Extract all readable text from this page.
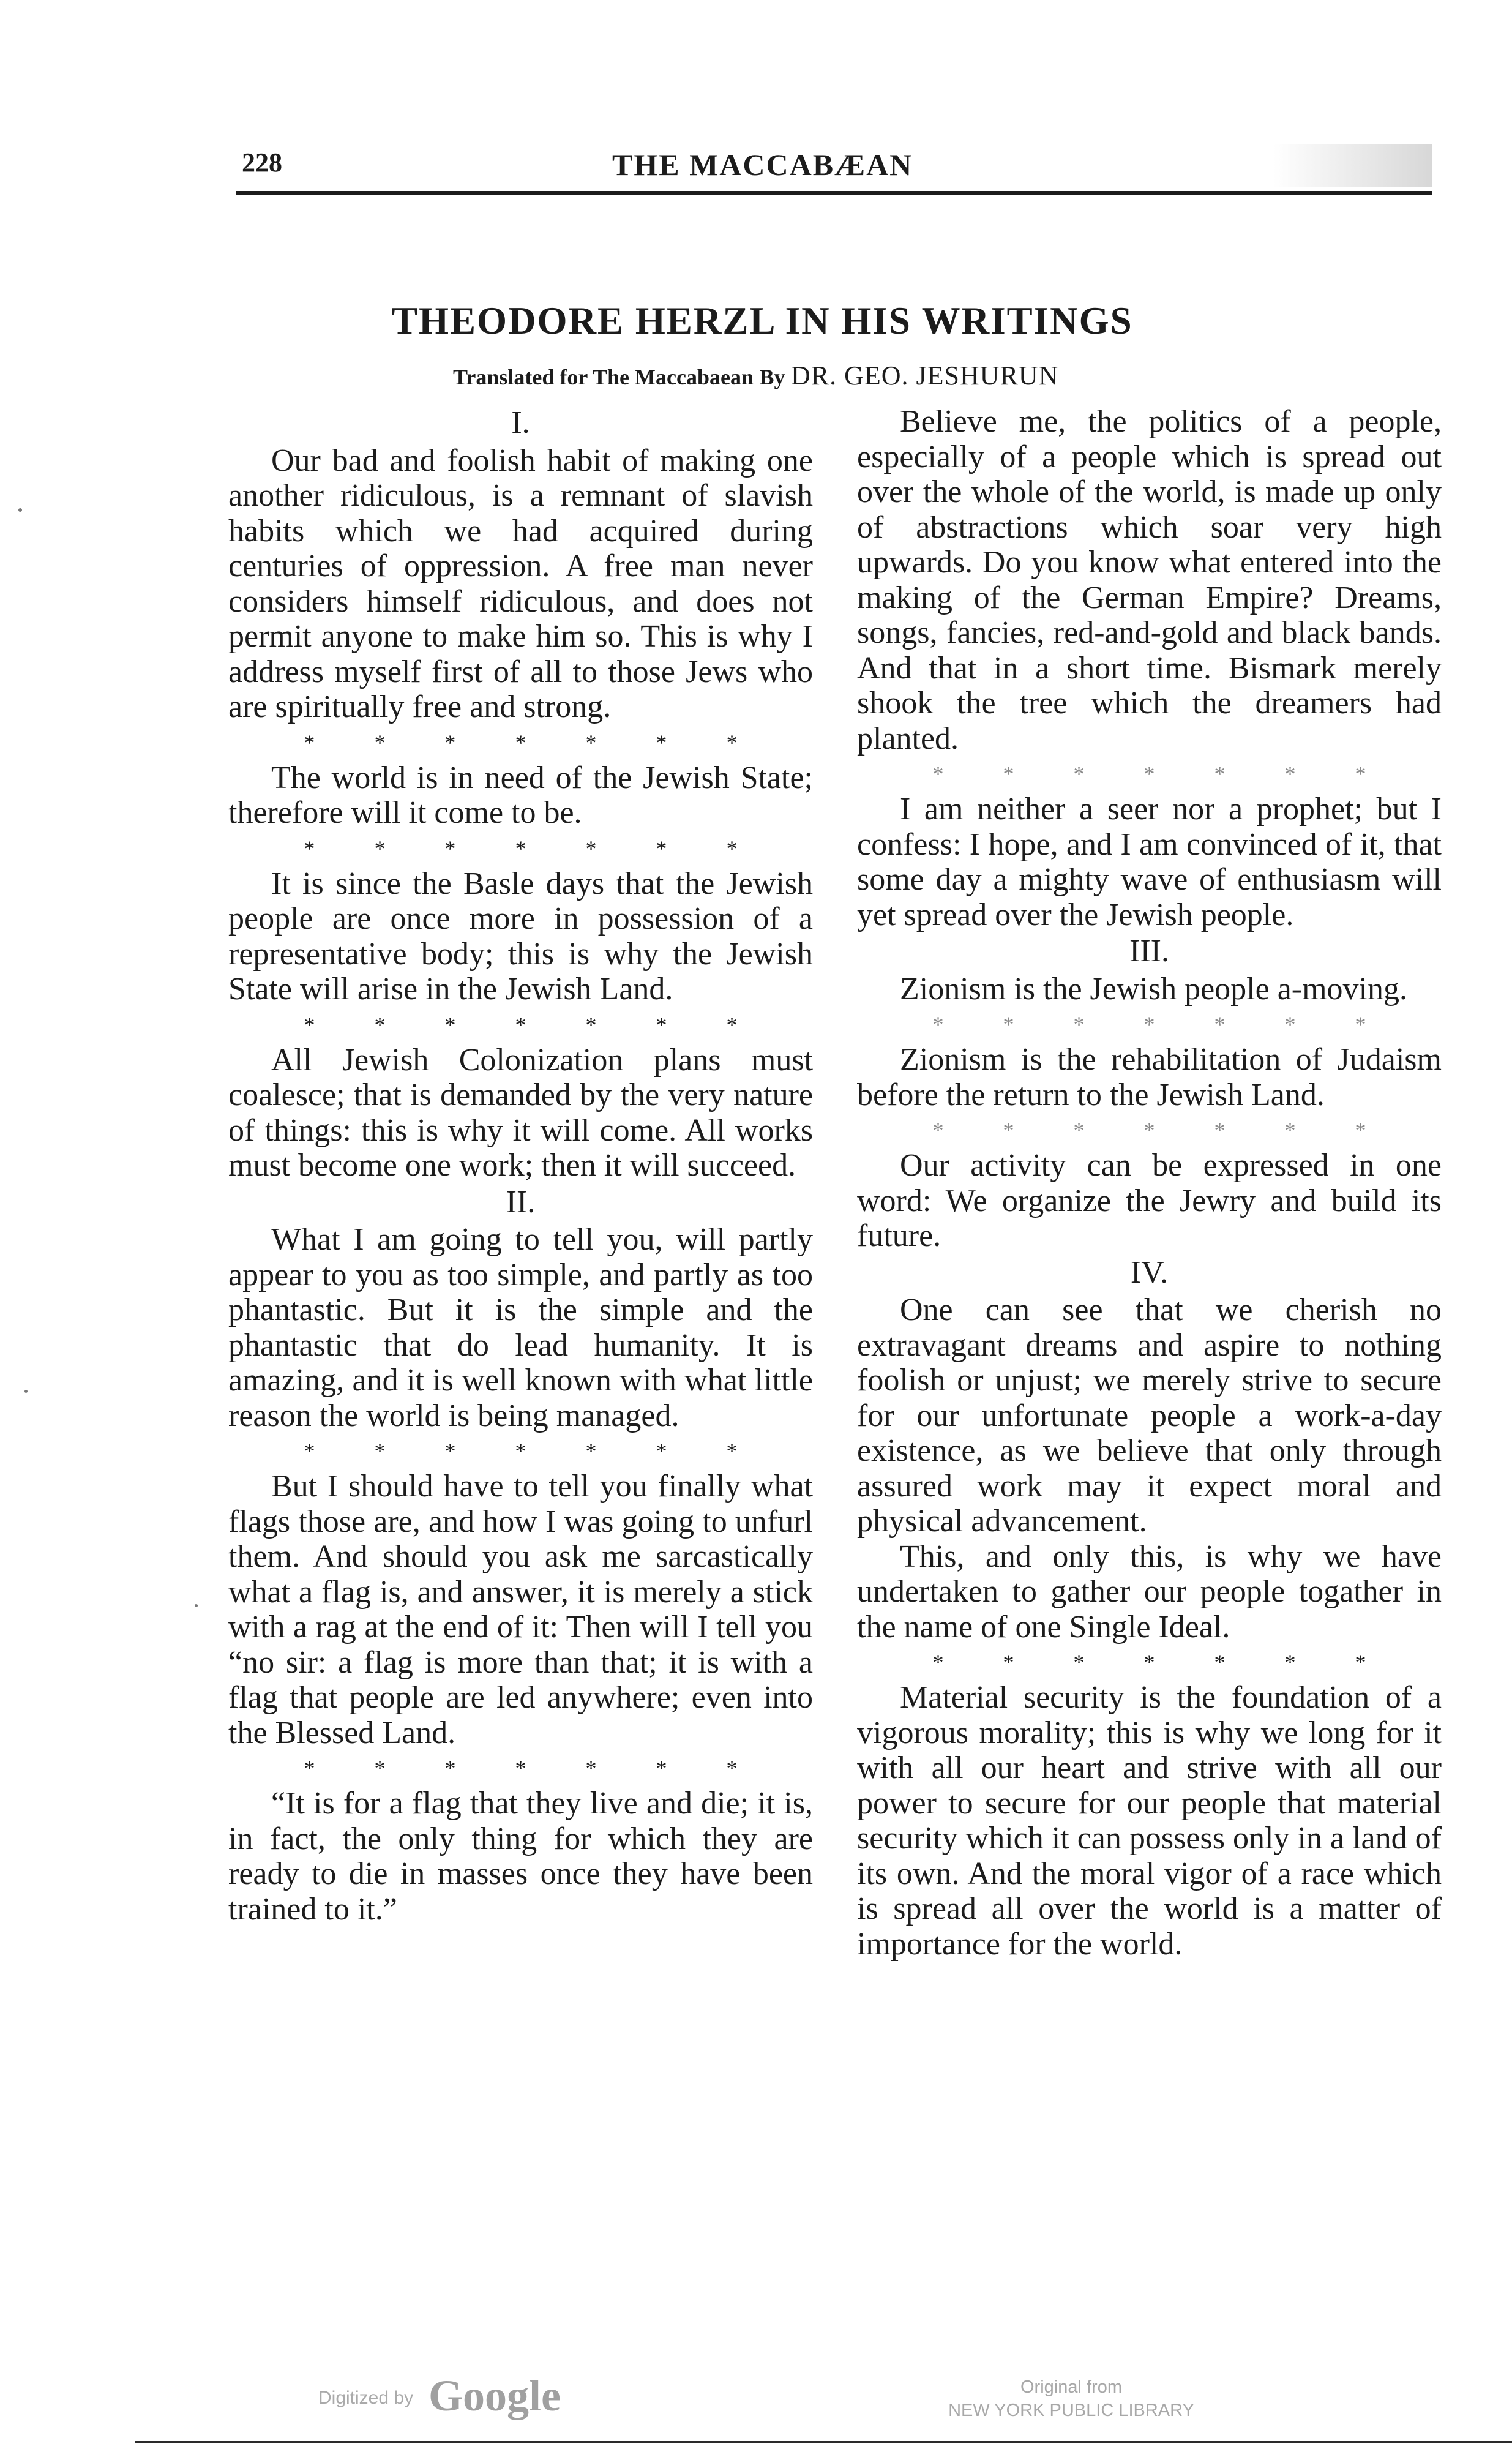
228	THE MACCABÆAN
THEODORE HERZL IN HIS WRITINGS
Translated for The Maccabaean By DR. GEO. JESHURUN
I.

Our bad and foolish habit of making one another ridiculous, is a remnant of slavish habits which we had acquired during centuries of oppression. A free man never considers himself ridiculous, and does not permit anyone to make him so. This is why I address myself first of all to those Jews who are spiritually free and strong.

* * * * * * *

The world is in need of the Jewish State; therefore will it come to be.

* * * * * * *

It is since the Basle days that the Jewish people are once more in possession of a representative body; this is why the Jewish State will arise in the Jewish Land.

* * * * * * *

All Jewish Colonization plans must coalesce; that is demanded by the very nature of things: this is why it will come. All works must become one work; then it will succeed.

II.

What I am going to tell you, will partly appear to you as too simple, and partly as too phantastic. But it is the simple and the phantastic that do lead humanity. It is amazing, and it is well known with what little reason the world is being managed.

* * * * * * *

But I should have to tell you finally what flags those are, and how I was going to unfurl them. And should you ask me sarcastically what a flag is, and answer, it is merely a stick with a rag at the end of it: Then will I tell you “no sir: a flag is more than that; it is with a flag that people are led anywhere; even into the Blessed Land.

* * * * * * *

“It is for a flag that they live and die; it is, in fact, the only thing for which they are ready to die in masses once they have been trained to it.”

Believe me, the politics of a people, especially of a people which is spread out over the whole of the world, is made up only of abstractions which soar very high upwards. Do you know what entered into the making of the German Empire? Dreams, songs, fancies, red-and-gold and black bands. And that in a short time. Bismark merely shook the tree which the dreamers had planted.

* * * * * * *

I am neither a seer nor a prophet; but I confess: I hope, and I am convinced of it, that some day a mighty wave of enthusiasm will yet spread over the Jewish people.

III.

Zionism is the Jewish people a-moving.

* * * * * * *

Zionism is the rehabilitation of Judaism before the return to the Jewish Land.

* * * * * * *

Our activity can be expressed in one word: We organize the Jewry and build its future.

IV.

One can see that we cherish no extravagant dreams and aspire to nothing foolish or unjust; we merely strive to secure for our unfortunate people a work-a-day existence, as we believe that only through assured work may it expect moral and physical advancement.

This, and only this, is why we have undertaken to gather our people togather in the name of one Single Ideal.

* * * * * * *

Material security is the foundation of a vigorous morality; this is why we long for it with all our heart and strive with all our power to secure for our people that material security which it can possess only in a land of its own. And the moral vigor of a race which is spread all over the world is a matter of importance for the world.

Digitized by Google	Original from
NEW YORK PUBLIC LIBRARY
